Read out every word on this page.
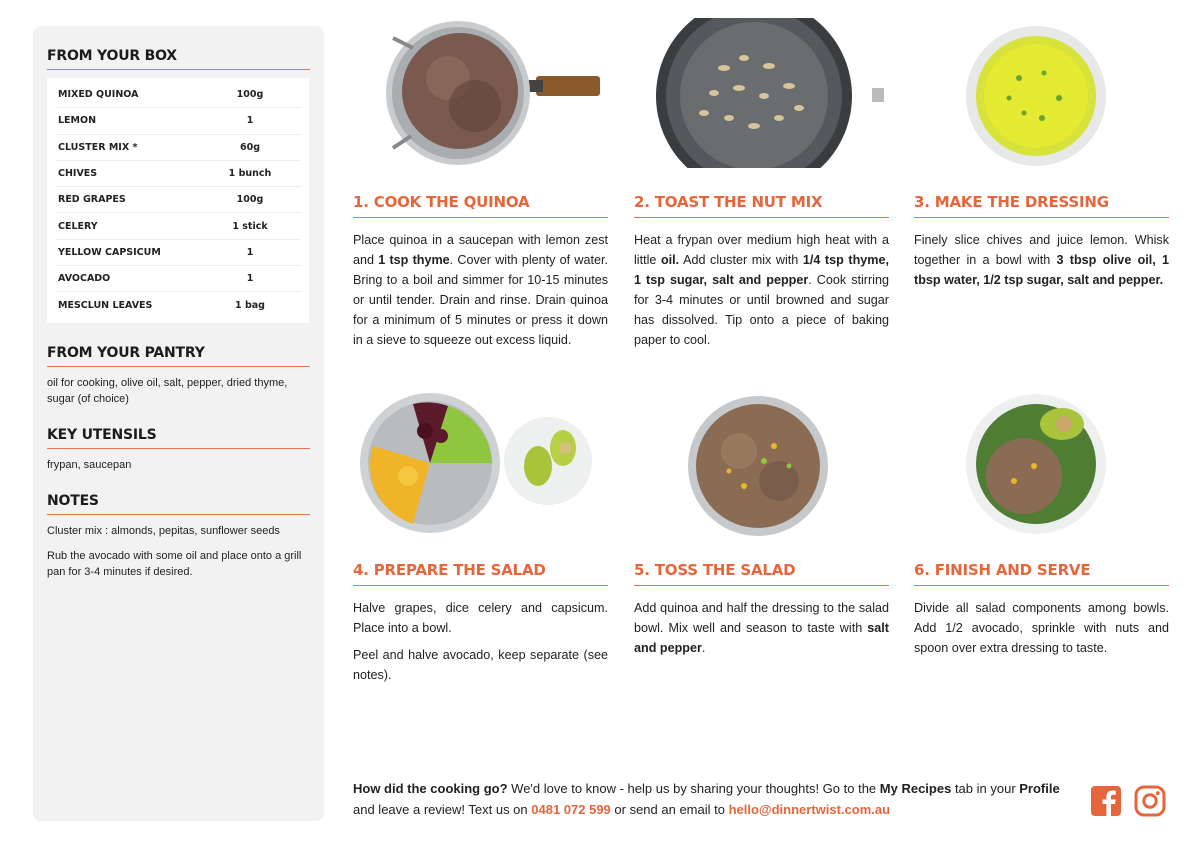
FROM YOUR BOX
MIXED QUINOA	100g
LEMON	1
CLUSTER MIX *	60g
CHIVES	1 bunch
RED GRAPES	100g
CELERY	1 stick
YELLOW CAPSICUM	1
AVOCADO	1
MESCLUN LEAVES	1 bag
FROM YOUR PANTRY
oil for cooking, olive oil, salt, pepper, dried thyme, sugar (of choice)
KEY UTENSILS
frypan, saucepan
NOTES

Cluster mix : almonds, pepitas, sunflower seeds

Rub the avocado with some oil and place onto a grill pan for 3-4 minutes if desired.

1. COOK THE QUINOA

Place quinoa in a saucepan with lemon zest and 1 tsp thyme. Cover with plenty of water. Bring to a boil and simmer for 10-15 minutes or until tender. Drain and rinse. Drain quinoa for a minimum of 5 minutes or press it down in a sieve to squeeze out excess liquid.

2. TOAST THE NUT MIX

Heat a frypan over medium high heat with a little oil. Add cluster mix with 1/4 tsp thyme, 1 tsp sugar, salt and pepper. Cook stirring for 3-4 minutes or until browned and sugar has dissolved. Tip onto a piece of baking paper to cool.

3. MAKE THE DRESSING

Finely slice chives and juice lemon. Whisk together in a bowl with 3 tbsp olive oil, 1 tbsp water, 1/2 tsp sugar, salt and pepper.

4. PREPARE THE SALAD

Halve grapes, dice celery and capsicum. Place into a bowl.

Peel and halve avocado, keep separate (see notes).

5. TOSS THE SALAD

Add quinoa and half the dressing to the salad bowl. Mix well and season to taste with salt and pepper.

6. FINISH AND SERVE

Divide all salad components among bowls. Add 1/2 avocado, sprinkle with nuts and spoon over extra dressing to taste.

How did the cooking go? We'd love to know - help us by sharing your thoughts! Go to the My Recipes tab in your Profile and leave a review! Text us on 0481 072 599 or send an email to hello@dinnertwist.com.au
